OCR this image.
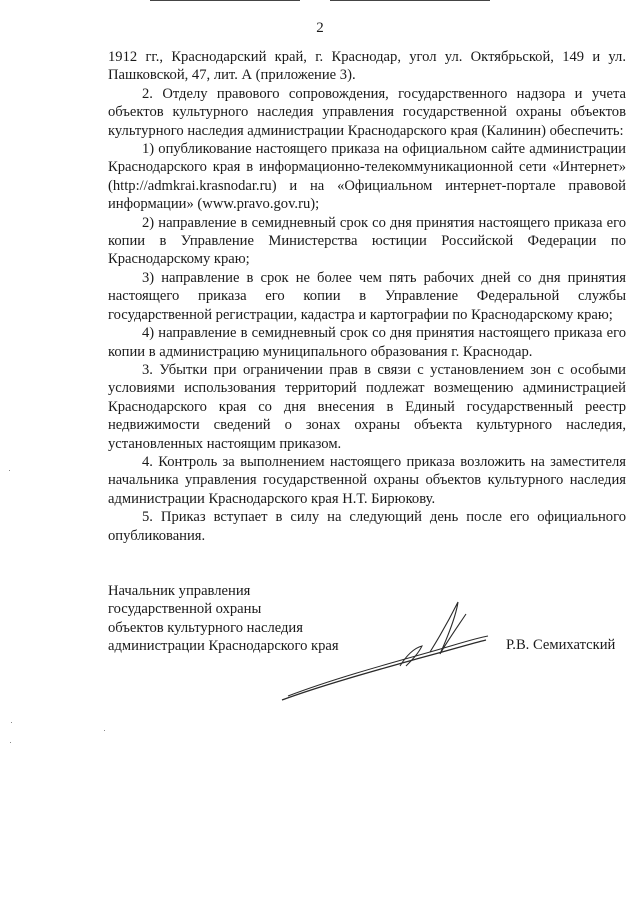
2

1912 гг., Краснодарский край, г. Краснодар, угол ул. Октябрьской, 149 и ул. Пашковской, 47, лит. А (приложение 3).

2. Отделу правового сопровождения, государственного надзора и учета объектов культурного наследия управления государственной охраны объектов культурного наследия администрации Краснодарского края (Калинин) обеспечить:

1) опубликование настоящего приказа на официальном сайте администрации Краснодарского края в информационно-телекоммуникационной сети «Интернет» (http://admkrai.krasnodar.ru) и на «Официальном интернет-портале правовой информации» (www.pravo.gov.ru);

2) направление в семидневный срок со дня принятия настоящего приказа его копии в Управление Министерства юстиции Российской Федерации по Краснодарскому краю;

3) направление в срок не более чем пять рабочих дней со дня принятия настоящего приказа его копии в Управление Федеральной службы государственной регистрации, кадастра и картографии по Краснодарскому краю;

4) направление в семидневный срок со дня принятия настоящего приказа его копии в администрацию муниципального образования г. Краснодар.

3. Убытки при ограничении прав в связи с установлением зон с особыми условиями использования территорий подлежат возмещению администрацией Краснодарского края со дня внесения в Единый государственный реестр недвижимости сведений о зонах охраны объекта культурного наследия, установленных настоящим приказом.

4. Контроль за выполнением настоящего приказа возложить на заместителя начальника управления государственной охраны объектов культурного наследия администрации Краснодарского края Н.Т. Бирюкову.

5. Приказ вступает в силу на следующий день после его официального опубликования.

Начальник управления
государственной охраны
объектов культурного наследия
администрации Краснодарского края	Р.В. Семихатский
